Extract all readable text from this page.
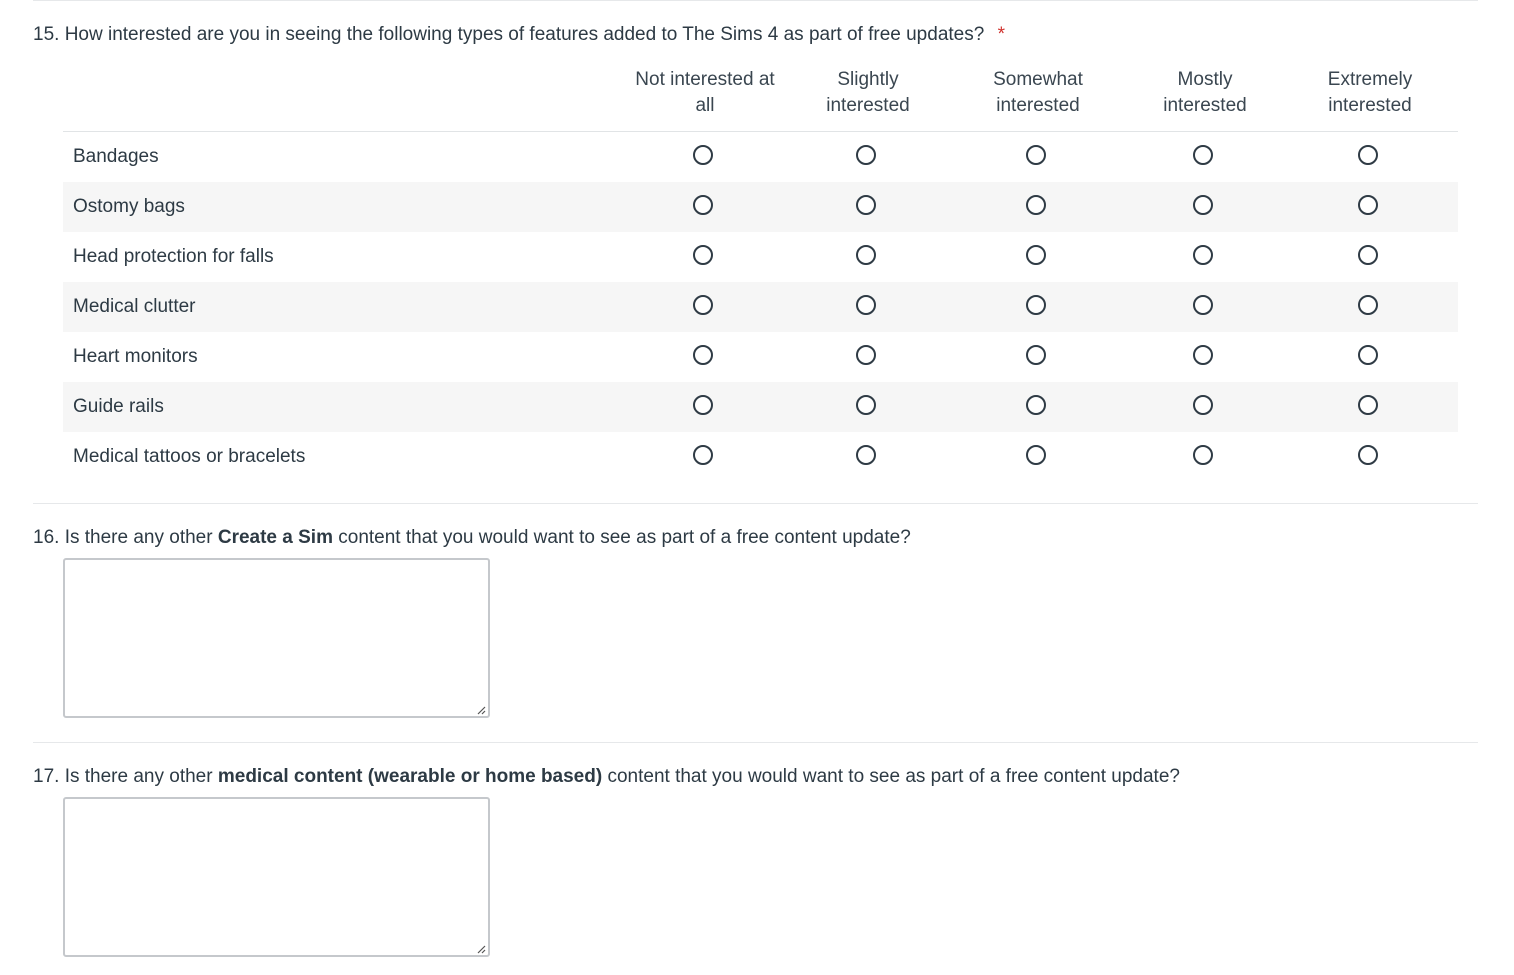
15. How interested are you in seeing the following types of features added to The Sims 4 as part of free updates? *
Not interested at
all
Slightly
interested
Somewhat
interested
Mostly
interested
Extremely
interested
Bandages
Ostomy bags
Head protection for falls
Medical clutter
Heart monitors
Guide rails
Medical tattoos or bracelets
16. Is there any other Create a Sim content that you would want to see as part of a free content update?
17. Is there any other medical content (wearable or home based) content that you would want to see as part of a free content update?
